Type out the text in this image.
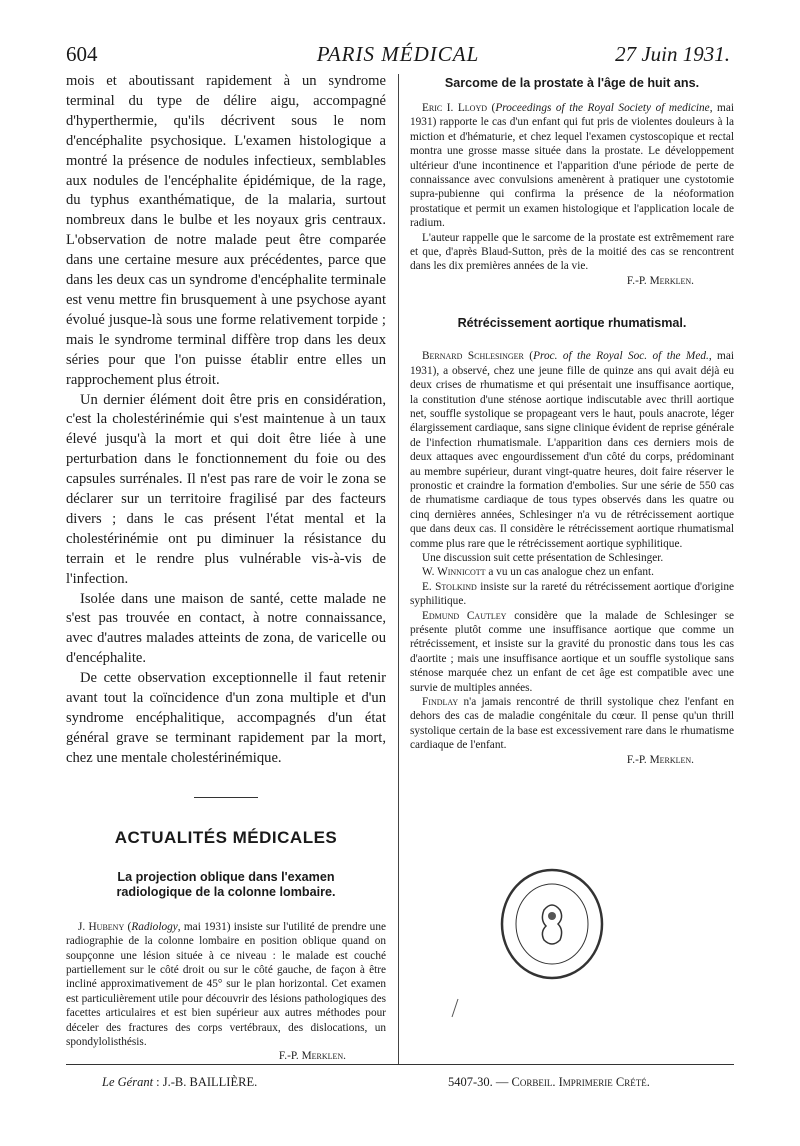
604	PARIS MÉDICAL	27 Juin 1931.

mois et aboutissant rapidement à un syndrome terminal du type de délire aigu, accompagné d'hyperthermie, qu'ils décrivent sous le nom d'encéphalite psychosique. L'examen histologique a montré la présence de nodules infectieux, semblables aux nodules de l'encéphalite épidémique, de la rage, du typhus exanthématique, de la malaria, surtout nombreux dans le bulbe et les noyaux gris centraux. L'observation de notre malade peut être comparée dans une certaine mesure aux précédentes, parce que dans les deux cas un syndrome d'encéphalite terminale est venu mettre fin brusquement à une psychose ayant évolué jusque-là sous une forme relativement torpide ; mais le syndrome terminal diffère trop dans les deux séries pour que l'on puisse établir entre elles un rapprochement plus étroit.

Un dernier élément doit être pris en considération, c'est la cholestérinémie qui s'est maintenue à un taux élevé jusqu'à la mort et qui doit être liée à une perturbation dans le fonctionnement du foie ou des capsules surrénales. Il n'est pas rare de voir le zona se déclarer sur un territoire fragilisé par des facteurs divers ; dans le cas présent l'état mental et la cholestérinémie ont pu diminuer la résistance du terrain et le rendre plus vulnérable vis-à-vis de l'infection.

Isolée dans une maison de santé, cette malade ne s'est pas trouvée en contact, à notre connaissance, avec d'autres malades atteints de zona, de varicelle ou d'encéphalite.

De cette observation exceptionnelle il faut retenir avant tout la coïncidence d'un zona multiple et d'un syndrome encéphalitique, accompagnés d'un état général grave se terminant rapidement par la mort, chez une mentale cholestérinémique.

ACTUALITÉS MÉDICALES
La projection oblique dans l'examen radiologique de la colonne lombaire.

J. Hubeny (Radiology, mai 1931) insiste sur l'utilité de prendre une radiographie de la colonne lombaire en position oblique quand on soupçonne une lésion située à ce niveau : le malade est couché partiellement sur le côté droit ou sur le côté gauche, de façon à être incliné approximativement de 45° sur le plan horizontal. Cet examen est particulièrement utile pour découvrir des lésions pathologiques des facettes articulaires et est bien supérieur aux autres méthodes pour déceler des fractures des corps vertébraux, des dislocations, un spondylolisthésis.

F.-P. Merklen.

Sarcome de la prostate à l'âge de huit ans.

Eric I. Lloyd (Proceedings of the Royal Society of medicine, mai 1931) rapporte le cas d'un enfant qui fut pris de violentes douleurs à la miction et d'hématurie, et chez lequel l'examen cystoscopique et rectal montra une grosse masse située dans la prostate. Le développement ultérieur d'une incontinence et l'apparition d'une période de perte de connaissance avec convulsions amenèrent à pratiquer une cystotomie supra-pubienne qui confirma la présence de la néoformation prostatique et permit un examen histologique et l'application locale de radium.

L'auteur rappelle que le sarcome de la prostate est extrêmement rare et que, d'après Blaud-Sutton, près de la moitié des cas se rencontrent dans les dix premières années de la vie.

F.-P. Merklen.

Rétrécissement aortique rhumatismal.

Bernard Schlesinger (Proc. of the Royal Soc. of the Med., mai 1931), a observé, chez une jeune fille de quinze ans qui avait déjà eu deux crises de rhumatisme et qui présentait une insuffisance aortique, la constitution d'une sténose aortique indiscutable avec thrill aortique net, souffle systolique se propageant vers le haut, pouls anacrote, léger élargissement cardiaque, sans signe clinique évident de reprise générale de l'infection rhumatismale. L'apparition dans ces derniers mois de deux attaques avec engourdissement d'un côté du corps, prédominant au membre supérieur, durant vingt-quatre heures, doit faire réserver le pronostic et craindre la formation d'embolies. Sur une série de 550 cas de rhumatisme cardiaque de tous types observés dans les quatre ou cinq dernières années, Schlesinger n'a vu de rétrécissement aortique que dans deux cas. Il considère le rétrécissement aortique rhumatismal comme plus rare que le rétrécissement aortique syphilitique.

Une discussion suit cette présentation de Schlesinger.

W. Winnicott a vu un cas analogue chez un enfant.

E. Stolkind insiste sur la rareté du rétrécissement aortique d'origine syphilitique.

Edmund Cautley considère que la malade de Schlesinger se présente plutôt comme une insuffisance aortique que comme un rétrécissement, et insiste sur la gravité du pronostic dans tous les cas d'aortite ; mais une insuffisance aortique et un souffle systolique sans sténose marquée chez un enfant de cet âge est compatible avec une survie de multiples années.

Findlay n'a jamais rencontré de thrill systolique chez l'enfant en dehors des cas de maladie congénitale du cœur. Il pense qu'un thrill systolique certain de la base est excessivement rare dans le rhumatisme cardiaque de l'enfant.

F.-P. Merklen.

Le Gérant : J.-B. BAILLIÈRE.	5407-30. — Corbeil. Imprimerie Crété.
